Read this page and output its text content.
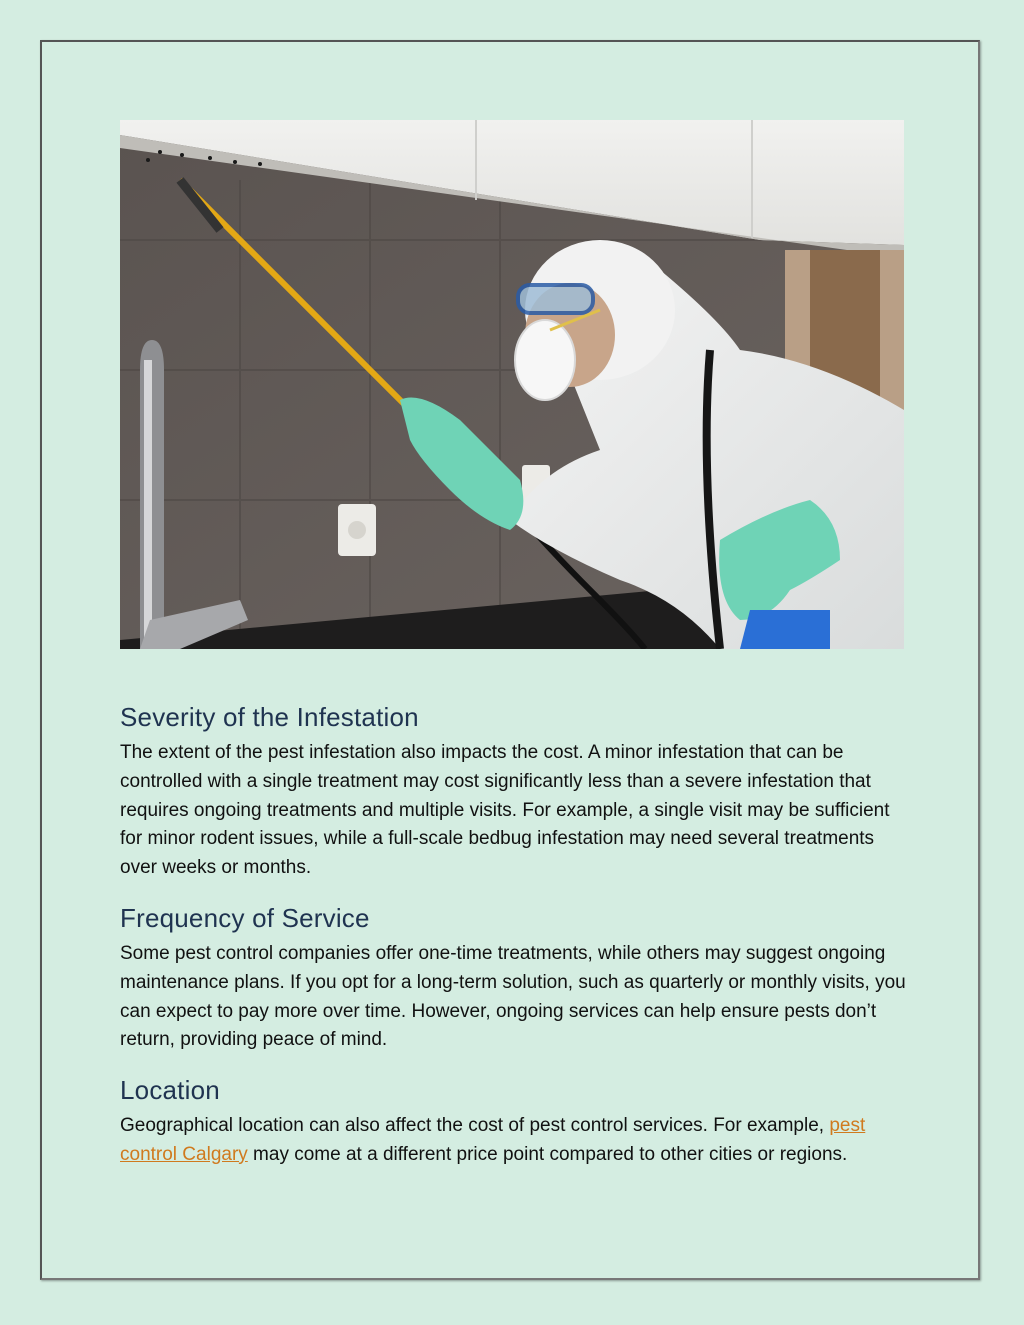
Severity of the Infestation

The extent of the pest infestation also impacts the cost. A minor infestation that can be controlled with a single treatment may cost significantly less than a severe infestation that requires ongoing treatments and multiple visits. For example, a single visit may be sufficient for minor rodent issues, while a full-scale bedbug infestation may need several treatments over weeks or months.

Frequency of Service

Some pest control companies offer one-time treatments, while others may suggest ongoing maintenance plans. If you opt for a long-term solution, such as quarterly or monthly visits, you can expect to pay more over time. However, ongoing services can help ensure pests don’t return, providing peace of mind.

Location

Geographical location can also affect the cost of pest control services. For example, pest control Calgary may come at a different price point compared to other cities or regions.
